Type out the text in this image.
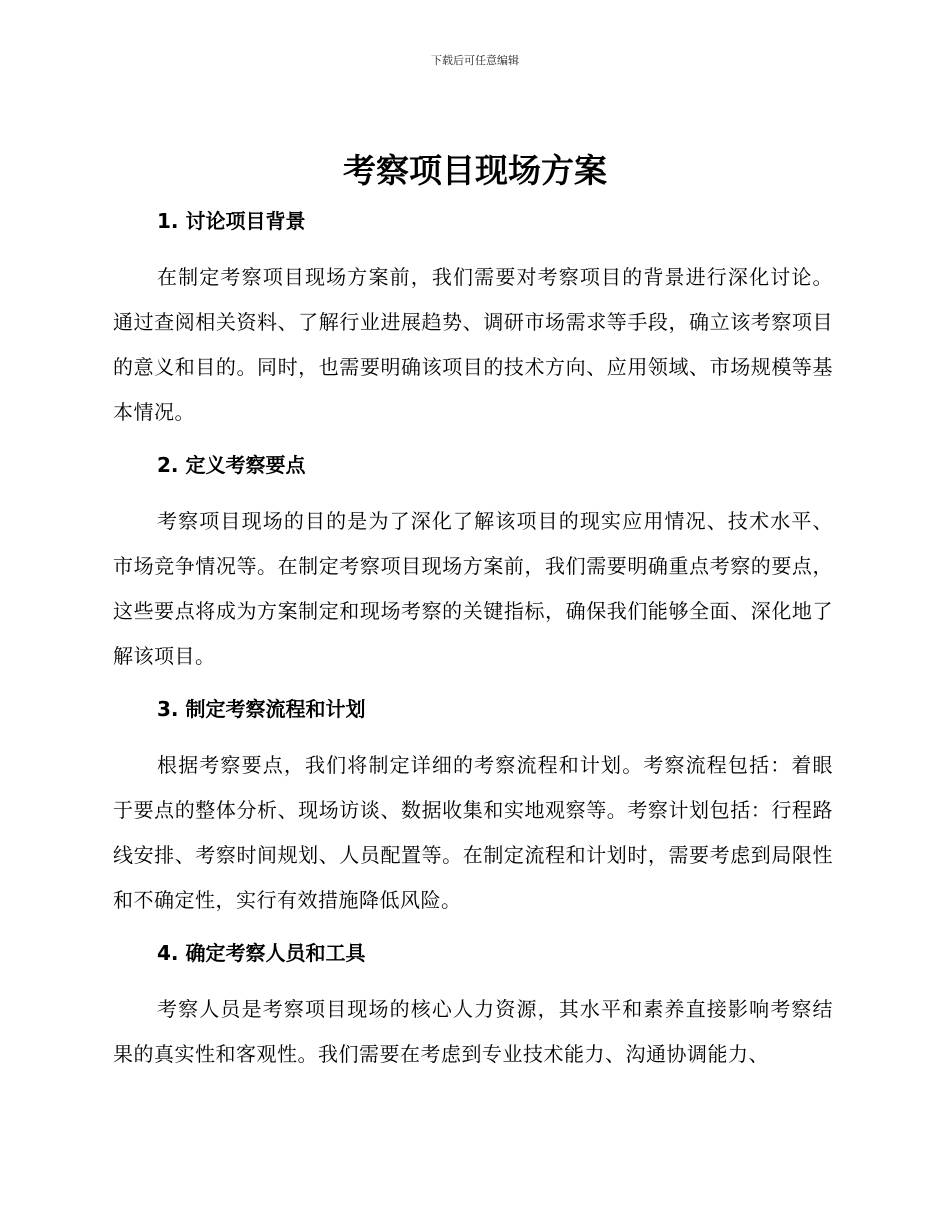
下载后可任意编辑
考察项目现场方案
1. 讨论项目背景

在制定考察项目现场方案前，我们需要对考察项目的背景进行深化讨论。通过查阅相关资料、了解行业进展趋势、调研市场需求等手段，确立该考察项目的意义和目的。同时，也需要明确该项目的技术方向、应用领域、市场规模等基本情况。

2. 定义考察要点

考察项目现场的目的是为了深化了解该项目的现实应用情况、技术水平、市场竞争情况等。在制定考察项目现场方案前，我们需要明确重点考察的要点，这些要点将成为方案制定和现场考察的关键指标，确保我们能够全面、深化地了解该项目。

3. 制定考察流程和计划

根据考察要点，我们将制定详细的考察流程和计划。考察流程包括：着眼于要点的整体分析、现场访谈、数据收集和实地观察等。考察计划包括：行程路线安排、考察时间规划、人员配置等。在制定流程和计划时，需要考虑到局限性和不确定性，实行有效措施降低风险。

4. 确定考察人员和工具

考察人员是考察项目现场的核心人力资源，其水平和素养直接影响考察结果的真实性和客观性。我们需要在考虑到专业技术能力、沟通协调能力、
